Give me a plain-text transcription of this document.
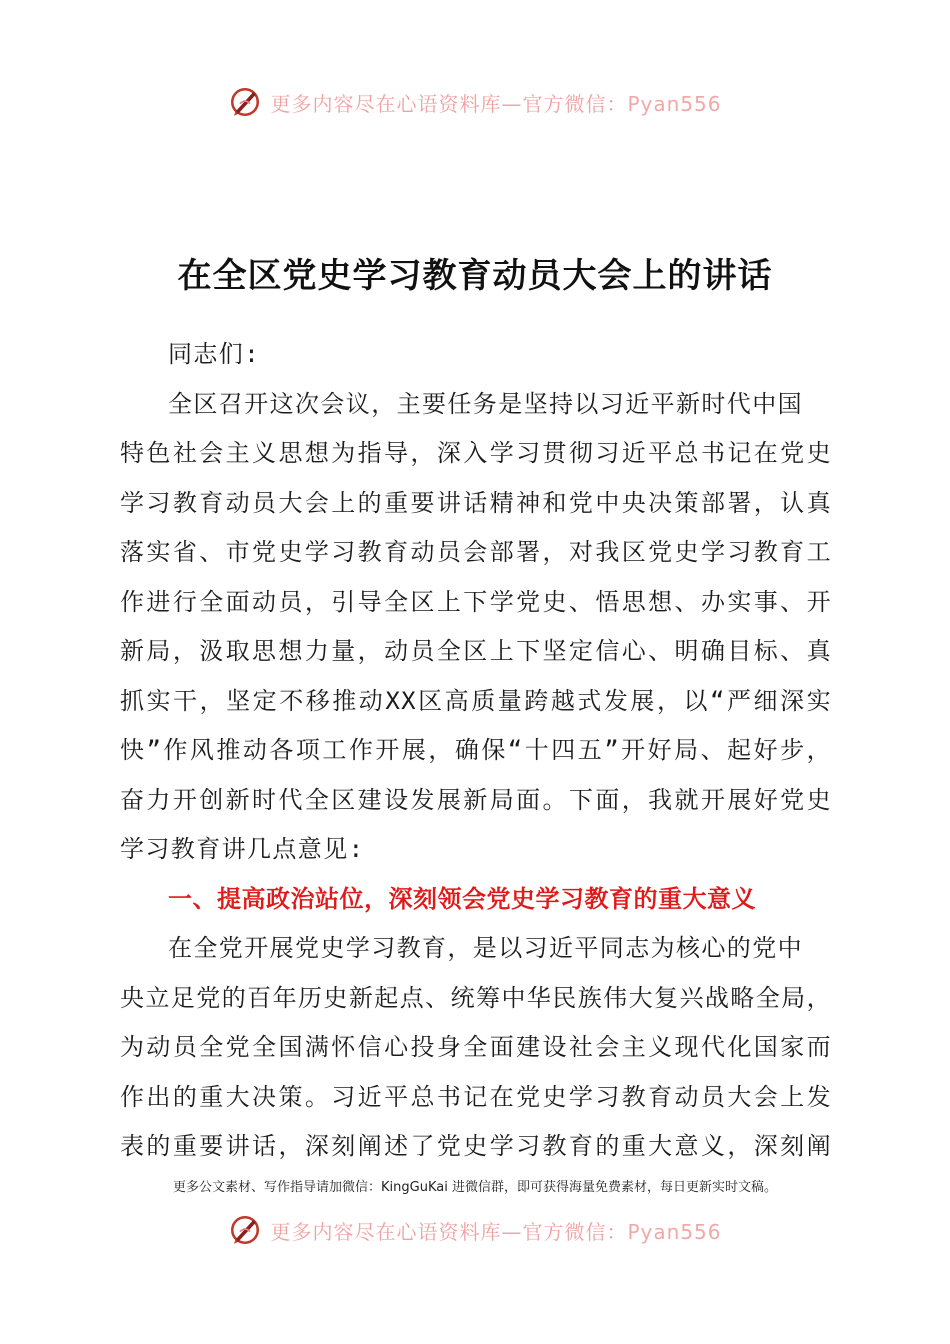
更多内容尽在心语资料库—官方微信：Pyan556
在全区党史学习教育动员大会上的讲话
同志们:
全区召开这次会议，主要任务是坚持以习近平新时代中国
特色社会主义思想为指导，深入学习贯彻习近平总书记在党史
学习教育动员大会上的重要讲话精神和党中央决策部署，认真
落实省、市党史学习教育动员会部署，对我区党史学习教育工
作进行全面动员，引导全区上下学党史、悟思想、办实事、开
新局，汲取思想力量，动员全区上下坚定信心、明确目标、真
抓实干，坚定不移推动XX区高质量跨越式发展，以“严细深实
快”作风推动各项工作开展，确保“十四五”开好局、起好步，
奋力开创新时代全区建设发展新局面。下面，我就开展好党史
学习教育讲几点意见:
一、提高政治站位，深刻领会党史学习教育的重大意义
在全党开展党史学习教育，是以习近平同志为核心的党中
央立足党的百年历史新起点、统筹中华民族伟大复兴战略全局，
为动员全党全国满怀信心投身全面建设社会主义现代化国家而
作出的重大决策。习近平总书记在党史学习教育动员大会上发
表的重要讲话，深刻阐述了党史学习教育的重大意义，深刻阐
更多公文素材、写作指导请加微信：KingGuKai 进微信群，即可获得海量免费素材，每日更新实时文稿。
更多内容尽在心语资料库—官方微信：Pyan556
